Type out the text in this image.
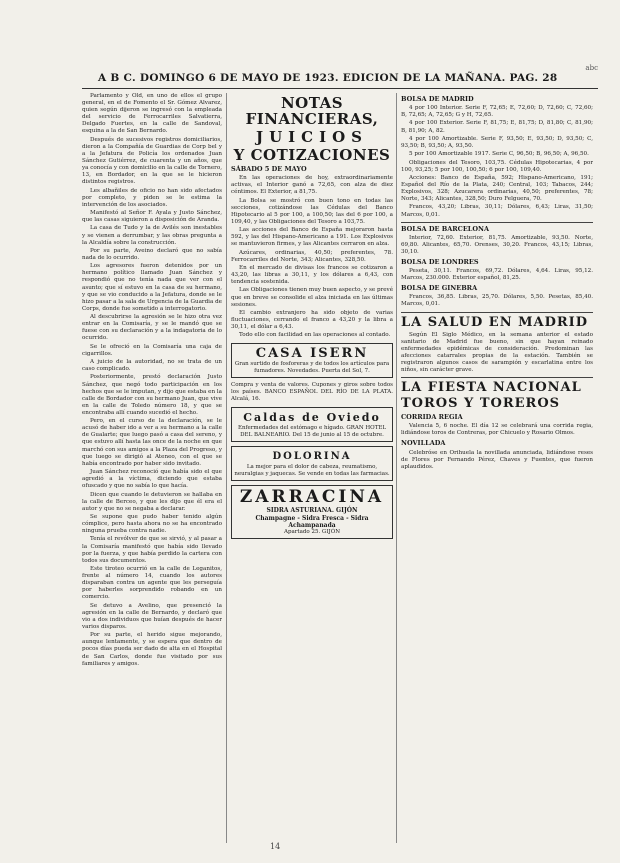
A B C. DOMINGO 6 DE MAYO DE 1923. EDICION DE LA MAÑANA. PAG. 28
abc

Parlamento y Old, en uno de ellos el grupo general, en el de Fomento el Sr. Gómez Alvarez, quien según dijeron se ingresó con la empleada del servicio de Ferrocarriles Salvatierra, Delgado Fuertes, en la calle de Sandoval, esquina a la de San Bernardo.

Después de sucesivos registros domiciliarios, dieron a la Compañía de Guardias de Corp bel y a la Jefatura de Policía los ordenados Juan Sánchez Gutiérrez, de cuarenta y un años, que ya conocía y con domicilio en la calle de Tornero, 13, en Bordador, en la que se le hicieron distintos registros.

Les albañiles de oficio no han sido afectados por completo, y piden se le estima la intervención de los asociados.

Manifestó al Señor F. Ayala y Justo Sánchez, que las casas siguieron a disposición de Aranda.

La casa de Tudo y la de Avilés son inestables y se vienen a derrumbar, y las obras pregunta a la Alcaldía sobre la construcción.

Por su parte, Aveino declaró que no sabía nada de lo ocurrido.

Los agresores fueron detenidos por un hermano político llamado Juan Sánchez y respondió que no tenía nada que ver con el asunto; que sí estuvo en la casa de su hermano, y que se vio conducido a la Jefatura, donde se le hizo pasar a la sala de Urgencia de la Guardia de Corps, donde fue sometido a interrogatorio.

Al descubrirse la agresión se le hizo otra vez entrar en la Comisaría, y se le mandó que se fuese con su declaración y a la indagatoria de lo ocurrido.

Se le ofreció en la Comisaría una caja de cigarrillos.

A juicio de la autoridad, no se trata de un caso complicado.

Posteriormente, prestó declaración Justo Sánchez, que negó todo participación en los hechos que se le imputan, y dijo que estaba en la calle de Bordador con su hermano Juan, que vive en la calle de Toledo número 18, y que se encontraba allí cuando sucedió el hecho.

Pero, en el curso de la declaración, se le acusó de haber ido a ver a su hermano a la calle de Gualarte; que luego pasó a casa del sereno, y que estuvo allí hasta las once de la noche en que marchó con sus amigos a la Plaza del Progreso, y que luego se dirigió al Ateneo, con el que se había encontrado por haber sido invitado.

Juan Sánchez reconoció que había sido el que agredió a la víctima, diciendo que estaba ofuscado y que no sabía lo que hacía.

Dicen que cuando le detuvieron se hallaba en la calle de Berceo, y que les dijo que él era el autor y que no se negaba a declarar.

Se supone que pudo haber tenido algún cómplice, pero hasta ahora no se ha encontrado ninguna prueba contra nadie.

Tenía el revólver de que se sirvió, y al pasar a la Comisaría manifestó que había sido llevado por la fuerza, y que había perdido la cartera con todos sus documentos.

Este tiroteo ocurrió en la calle de Leganitos, frente al número 14, cuando los autores disparaban contra un agente que les perseguía por haberles sorprendido robando en un comercio.

Se detuvo a Avelino, que presenció la agresión en la calle de Bernardo, y declaró que vio a dos individuos que huían después de hacer varios disparos.

Por su parte, el herido sigue mejorando, aunque lentamente, y se espera que dentro de pocos días pueda ser dado de alta en el Hospital de San Carlos, donde fue visitado por sus familiares y amigos.

NOTAS FINANCIERAS,
JUICIOS
Y COTIZACIONES
SÁBADO 5 DE MAYO

En las operaciones de hoy, extraordinariamente activas, el Interior ganó a 72,65, con alza de diez céntimos. El Exterior, a 81,75.

La Bolsa se mostró con buen tono en todas las secciones, cotizándose las Cédulas del Banco Hipotecario al 5 por 100, a 100,50; las del 6 por 100, a 109,40, y las Obligaciones del Tesoro a 103,75.

Las acciones del Banco de España mejoraron hasta 592, y las del Hispano-Americano a 191. Los Explosivos se mantuvieron firmes, y las Alicantes cerraron en alza.

Azúcares, ordinarias, 40,50; preferentes, 78. Ferrocarriles del Norte, 343; Alicantes, 328,50.

En el mercado de divisas los francos se cotizaron a 43,20, las libras a 30,11, y los dólares a 6,43, con tendencia sostenida.

Las Obligaciones tienen muy buen aspecto, y se prevé que en breve se consolide el alza iniciada en las últimas sesiones.

El cambio extranjero ha sido objeto de varias fluctuaciones, cerrando el franco a 43,20 y la libra a 30,11, el dólar a 6,43.

Todo ello con facilidad en las operaciones al contado.

CASA ISERN
Gran surtido de fosforeras y de todos los artículos para fumadores. Novedades. Puerta del Sol, 7.
Compra y venta de valores. Cupones y giros sobre todos los países. BANCO ESPAÑOL DEL RÍO DE LA PLATA. Alcalá, 16.
Caldas de Oviedo
Enfermedades del estómago e hígado. GRAN HOTEL DEL BALNEARIO. Del 15 de junio al 15 de octubre.
DOLORINA
La mejor para el dolor de cabeza, reumatismo, neuralgias y jaquecas. Se vende en todas las farmacias.
ZARRACINA
SIDRA ASTURIANA. GIJÓN
Champagne - Sidra Fresca - Sidra Achampanada
Apartado 25. GIJÓN
BOLSA DE MADRID

4 por 100 Interior. Serie F, 72,65; E, 72,60; D, 72,60; C, 72,60; B, 72,65; A, 72,65; G y H, 72,65.

4 por 100 Exterior. Serie F, 81,75; E, 81,75; D, 81,80; C, 81,90; B, 81,90; A, 82.

4 por 100 Amortizable. Serie F, 93,50; E, 93,50; D, 93,50; C, 93,50; B, 93,50; A, 93,50.

5 por 100 Amortizable 1917. Serie C, 96,50; B, 96,50; A, 96,50.

Obligaciones del Tesoro, 103,75. Cédulas Hipotecarias, 4 por 100, 93,25; 5 por 100, 100,50; 6 por 100, 109,40.

Acciones: Banco de España, 592; Hispano-Americano, 191; Español del Río de la Plata, 240; Central, 103; Tabacos, 244; Explosivos, 328; Azucarera ordinarias, 40,50; preferentes, 78; Norte, 343; Alicantes, 328,50; Duro Felguera, 70.

Francos, 43,20; Libras, 30,11; Dólares, 6,43; Liras, 31,50; Marcos, 0,01.

BOLSA DE BARCELONA

Interior, 72,60. Exterior, 81,75. Amortizable, 93,50. Norte, 69,80. Alicantes, 65,70. Orenses, 30,20. Francos, 43,15; Libras, 30,10.

BOLSA DE LONDRES

Peseta, 30,11. Francos, 69,72. Dólares, 4,64. Liras, 95,12. Marcos, 230.000. Exterior español, 81,25.

BOLSA DE GINEBRA

Francos, 36,85. Libras, 25,70. Dólares, 5,50. Pesetas, 85,40. Marcos, 0,01.

LA SALUD EN MADRID

Según El Siglo Médico, en la semana anterior el estado sanitario de Madrid fue bueno, sin que hayan reinado enfermedades epidémicas de consideración. Predominan las afecciones catarrales propias de la estación. También se registraron algunos casos de sarampión y escarlatina entre los niños, sin carácter grave.

LA FIESTA NACIONAL
TOROS Y TOREROS
CORRIDA REGIA

Valencia 5, 6 noche. El día 12 se celebrará una corrida regia, lidiándose toros de Contreras, por Chicuelo y Rosario Olmos.

NOVILLADA

Celebróse en Orihuela la novillada anunciada, lidiándose reses de Flores por Fernando Pérez, Chaves y Fuentes, que fueron aplaudidos.

14
